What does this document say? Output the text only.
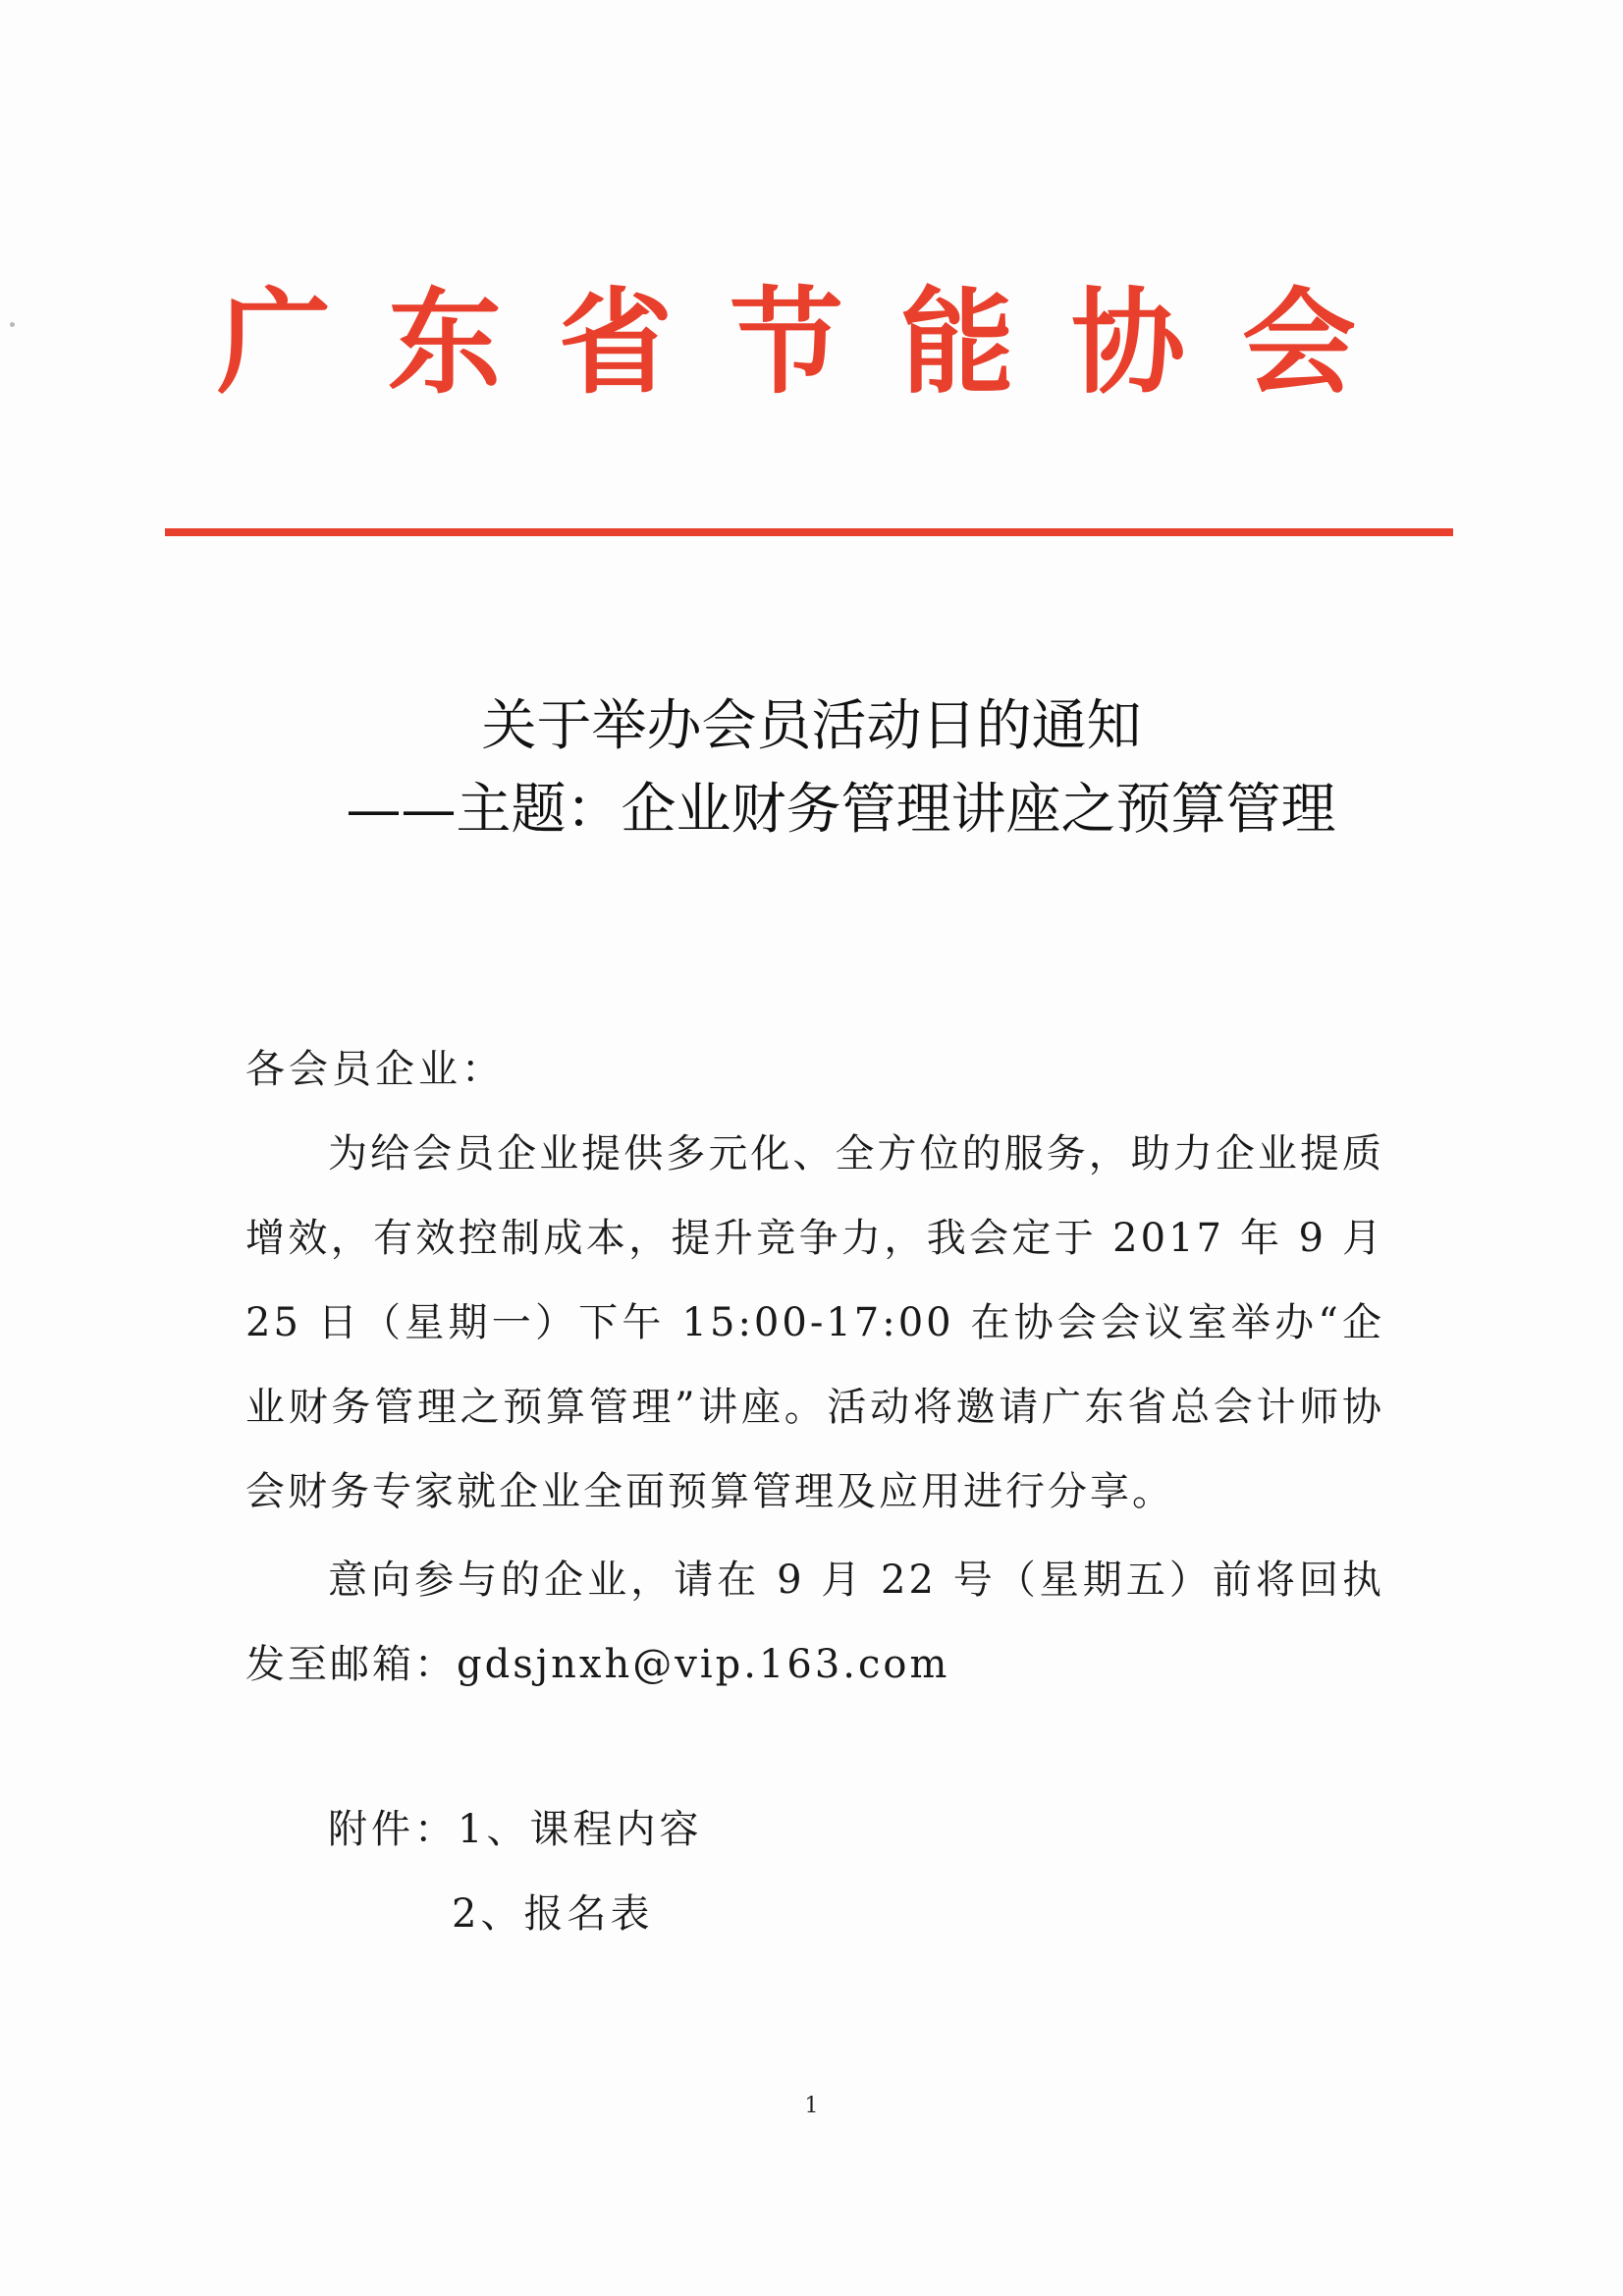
广东省节能协会
关于举办会员活动日的通知
——主题：企业财务管理讲座之预算管理
各会员企业：
为给会员企业提供多元化、全方位的服务，助力企业提质增效，有效控制成本，提升竞争力，我会定于 2017 年 9 月 25 日（星期一）下午 15:00-17:00 在协会会议室举办“企业财务管理之预算管理”讲座。活动将邀请广东省总会计师协会财务专家就企业全面预算管理及应用进行分享。
意向参与的企业，请在 9 月 22 号（星期五）前将回执发至邮箱：gdsjnxh@vip.163.com
附件：1、课程内容
2、报名表
1
